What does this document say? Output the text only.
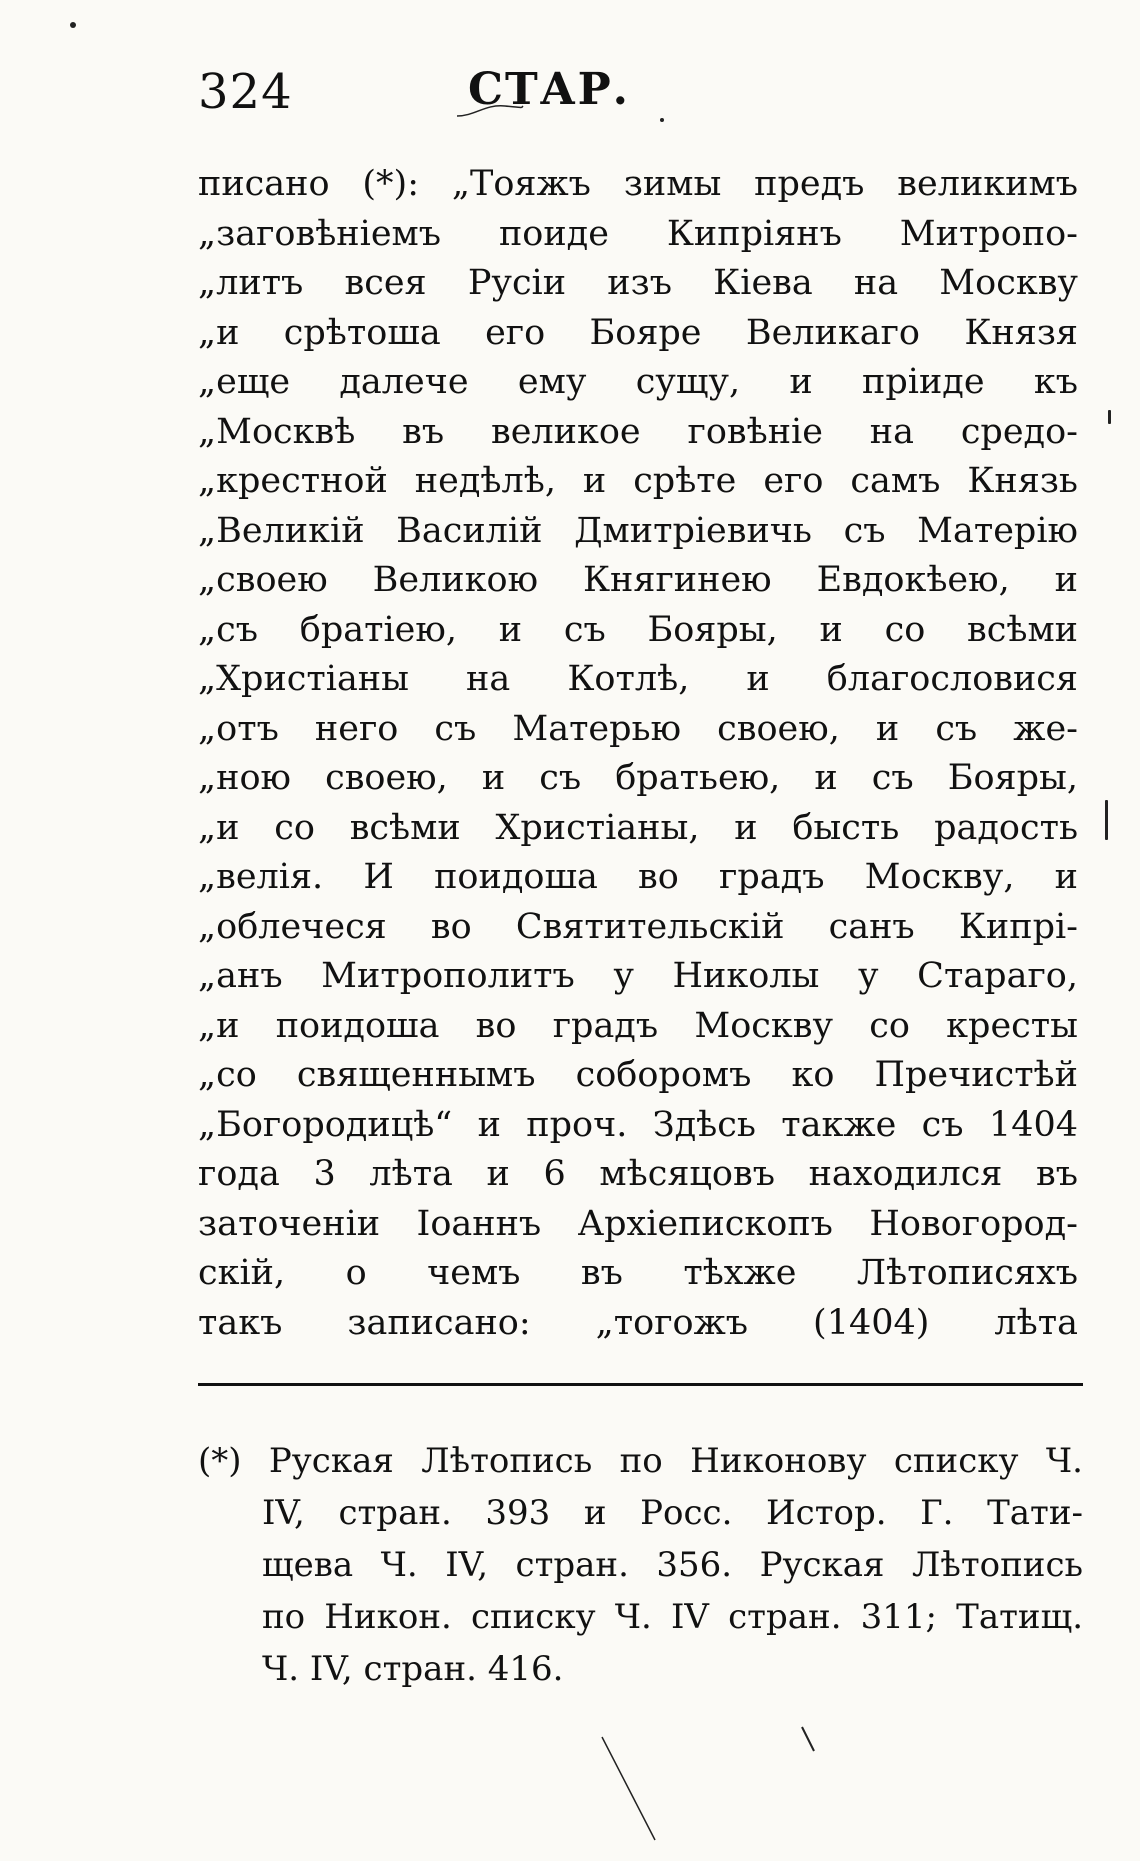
324	СТАР.
писано (*): „Тояжъ зимы предъ великимъ
„заговѣніемъ поиде Кипріянъ Митропо-
„литъ всея Русіи изъ Кіева на Москву
„и срѣтоша его Бояре Великаго Князя
„еще далече ему сущу, и пріиде къ
„Москвѣ въ великое говѣніе на средо-
„крестной недѣлѣ, и срѣте его самъ Князь
„Великій Василій Дмитріевичь съ Матерію
„своею Великою Княгинею Евдокѣею, и
„съ братіею, и съ Бояры, и со всѣми
„Христіаны на Котлѣ, и благословися
„отъ него съ Матерью своею, и съ же-
„ною своею, и съ братьею, и съ Бояры,
„и со всѣми Христіаны, и бысть радость
„велія. И поидоша во градъ Москву, и
„облечеся во Святительскій санъ Кипрі-
„анъ Митрополитъ у Николы у Стараго,
„и поидоша во градъ Москву со кресты
„со священнымъ соборомъ ко Пречистѣй
„Богородицѣ“ и проч. Здѣсь также съ 1404
года 3 лѣта и 6 мѣсяцовъ находился въ
заточеніи Іоаннъ Архіепископъ Новогород-
скій, о чемъ въ тѣхже Лѣтописяхъ
такъ записано: „тогожъ (1404) лѣта
(*) Руская Лѣтопись по Никонову списку Ч.
IV, стран. 393 и Росс. Истор. Г. Тати-
щева Ч. IV, стран. 356. Руская Лѣтопись
по Никон. списку Ч. IV стран. 311; Татищ.
Ч. IV, стран. 416.
